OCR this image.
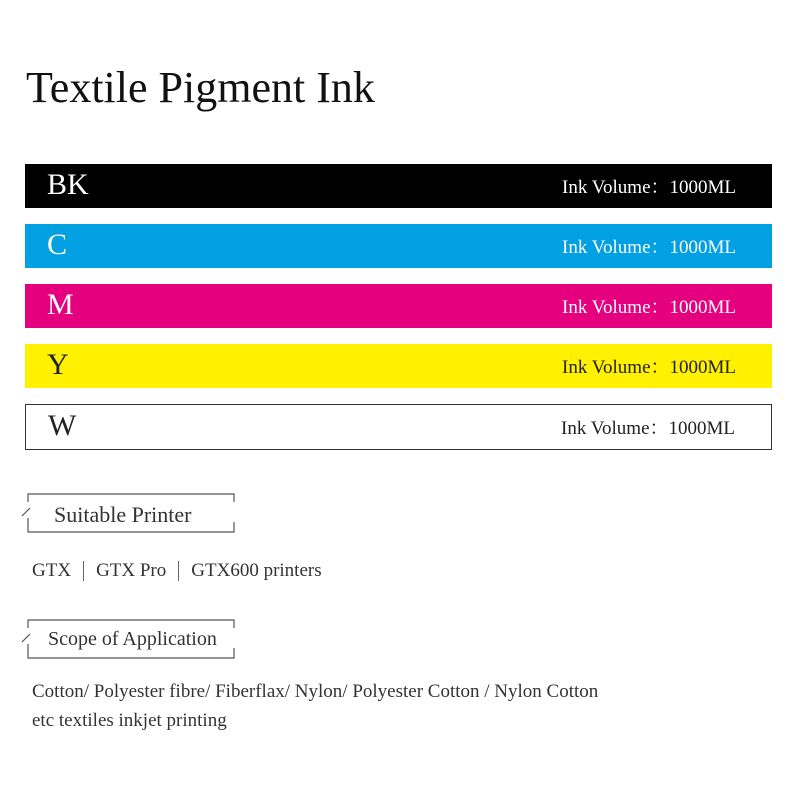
Textile Pigment Ink
BK	Ink Volume：1000ML
C	Ink Volume：1000ML
M	Ink Volume：1000ML
Y	Ink Volume：1000ML
W	Ink Volume：1000ML
Suitable Printer
GTX GTX Pro GTX600 printers
Scope of Application
Cotton/ Polyester fibre/ Fiberflax/ Nylon/ Polyester Cotton / Nylon Cotton
etc textiles inkjet printing
